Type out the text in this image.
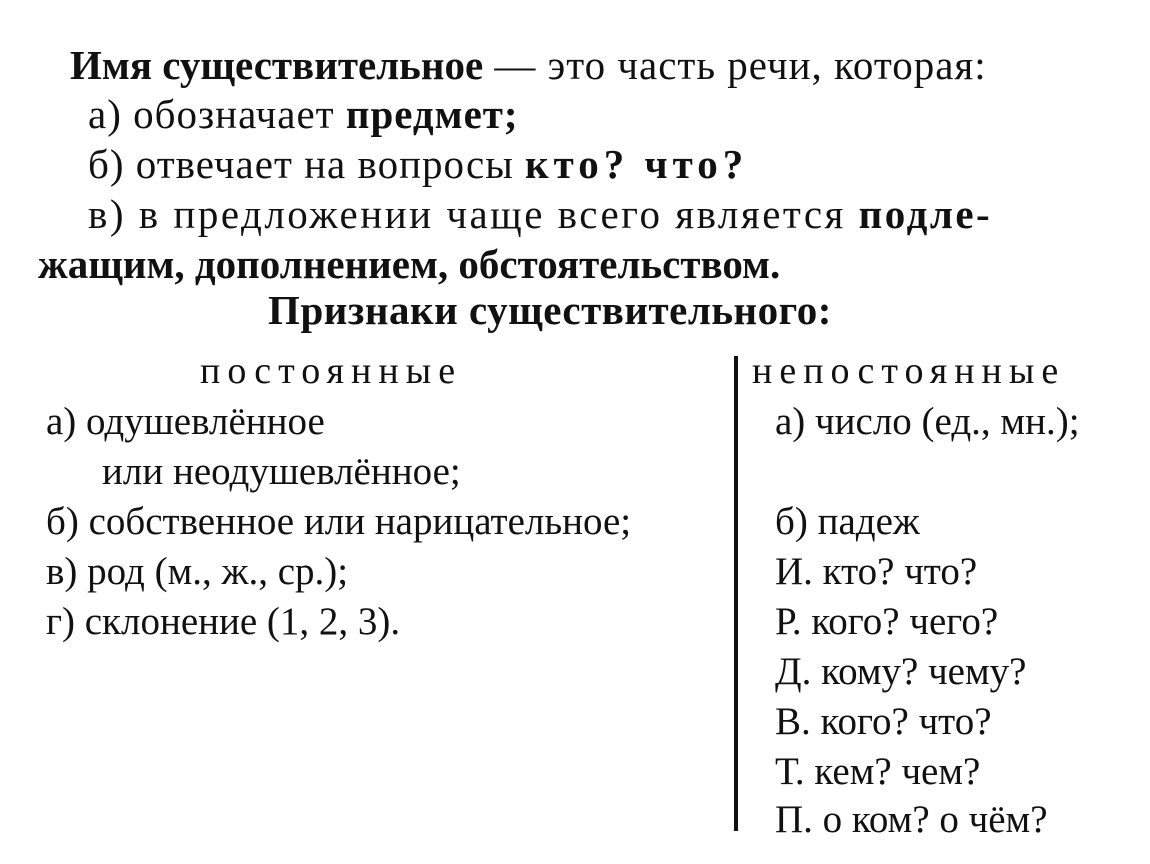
Имя существительное — это часть речи, которая:
а) обозначает предмет;
б) отвечает на вопросы кто? что?
в) в предложении чаще всего является подле-
жащим, дополнением, обстоятельством.
Признаки существительного:
постоянные	непостоянные
а) одушевлённое
или неодушевлённое;
б) собственное или нарицательное;
в) род (м., ж., ср.);
г) склонение (1, 2, 3).
а) число (ед., мн.);
б) падеж
И. кто? что?
Р. кого? чего?
Д. кому? чему?
В. кого? что?
Т. кем? чем?
П. о ком? о чём?
